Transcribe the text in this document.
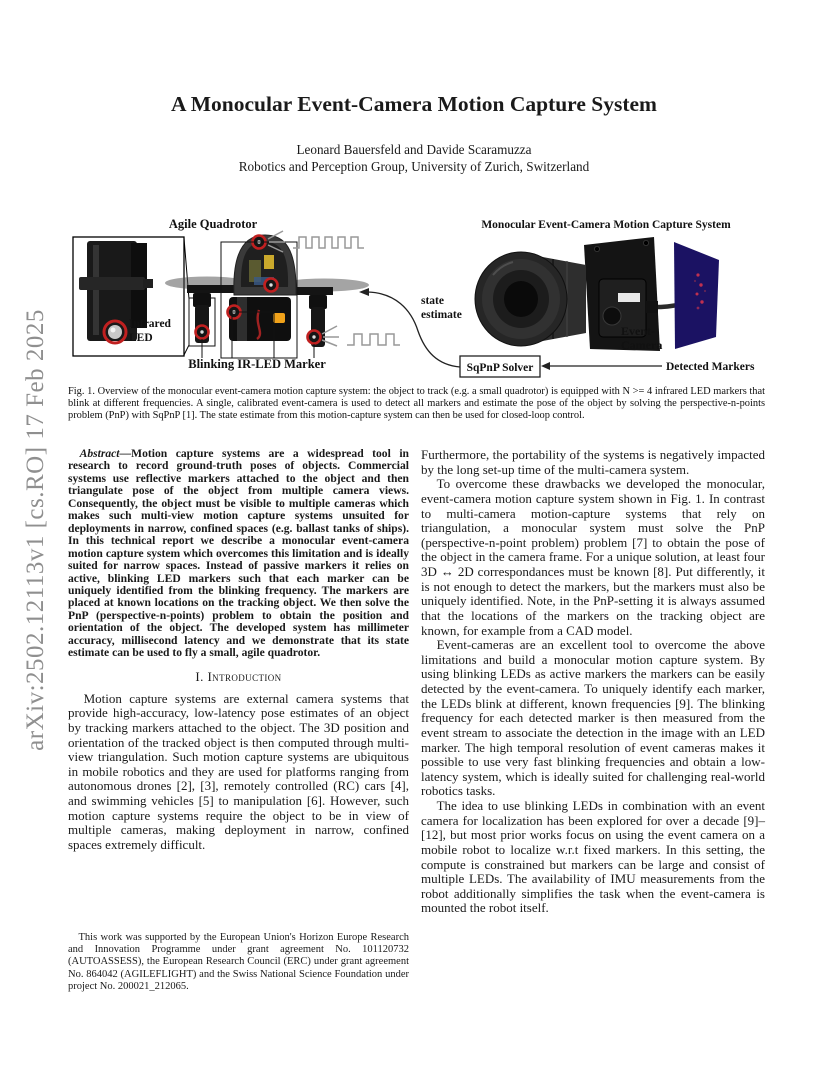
arXiv:2502.12113v1 [cs.RO] 17 Feb 2025
A Monocular Event-Camera Motion Capture System
Leonard Bauersfeld and Davide Scaramuzza
Robotics and Perception Group, University of Zurich, Switzerland
Agile Quadrotor	Monocular Event-Camera Motion Capture System
Infrared
LED
Blinking IR-LED Marker
state
estimate
Event-
Camera
SqPnP Solver	Detected Markers
Fig. 1. Overview of the monocular event-camera motion capture system: the object to track (e.g. a small quadrotor) is equipped with N >= 4 infrared LED markers that blink at different frequencies. A single, calibrated event-camera is used to detect all markers and estimate the pose of the object by solving the perspective-n-points problem (PnP) with SqPnP [1]. The state estimate from this motion-capture system can then be used for closed-loop control.
Abstract—Motion capture systems are a widespread tool in research to record ground-truth poses of objects. Commercial systems use reflective markers attached to the object and then triangulate pose of the object from multiple camera views. Consequently, the object must be visible to multiple cameras which makes such multi-view motion capture systems unsuited for deployments in narrow, confined spaces (e.g. ballast tanks of ships). In this technical report we describe a monocular event-camera motion capture system which overcomes this limitation and is ideally suited for narrow spaces. Instead of passive markers it relies on active, blinking LED markers such that each marker can be uniquely identified from the blinking frequency. The markers are placed at known locations on the tracking object. We then solve the PnP (perspective-n-points) problem to obtain the position and orientation of the object. The developed system has millimeter accuracy, millisecond latency and we demonstrate that its state estimate can be used to fly a small, agile quadrotor.
I. Introduction
Motion capture systems are external camera systems that provide high-accuracy, low-latency pose estimates of an object by tracking markers attached to the object. The 3D position and orientation of the tracked object is then computed through multi-view triangulation. Such motion capture systems are ubiquitous in mobile robotics and they are used for platforms ranging from autonomous drones [2], [3], remotely controlled (RC) cars [4], and swimming vehicles [5] to manipulation [6]. However, such motion capture systems require the object to be in view of multiple cameras, making deployment in narrow, confined spaces extremely difficult.
This work was supported by the European Union's Horizon Europe Research and Innovation Programme under grant agreement No. 101120732 (AUTOASSESS), the European Research Council (ERC) under grant agreement No. 864042 (AGILEFLIGHT) and the Swiss National Science Foundation under project No. 200021_212065.
Furthermore, the portability of the systems is negatively impacted by the long set-up time of the multi-camera system.
To overcome these drawbacks we developed the monocular, event-camera motion capture system shown in Fig. 1. In contrast to multi-camera motion-capture systems that rely on triangulation, a monocular system must solve the PnP (perspective-n-point problem) problem [7] to obtain the pose of the object in the camera frame. For a unique solution, at least four 3D ↔ 2D correspondances must be known [8]. Put differently, it is not enough to detect the markers, but the markers must also be uniquely identified. Note, in the PnP-setting it is always assumed that the locations of the markers on the tracking object are known, for example from a CAD model.
Event-cameras are an excellent tool to overcome the above limitations and build a monocular motion capture system. By using blinking LEDs as active markers the markers can be easily detected by the event-camera. To uniquely identify each marker, the LEDs blink at different, known frequencies [9]. The blinking frequency for each detected marker is then measured from the event stream to associate the detection in the image with an LED marker. The high temporal resolution of event cameras makes it possible to use very fast blinking frequencies and obtain a low-latency system, which is ideally suited for challenging real-world robotics tasks.
The idea to use blinking LEDs in combination with an event camera for localization has been explored for over a decade [9]–[12], but most prior works focus on using the event camera on a mobile robot to localize w.r.t fixed markers. In this setting, the compute is constrained but markers can be large and consist of multiple LEDs. The availability of IMU measurements from the robot additionally simplifies the task when the event-camera is mounted the robot itself.
